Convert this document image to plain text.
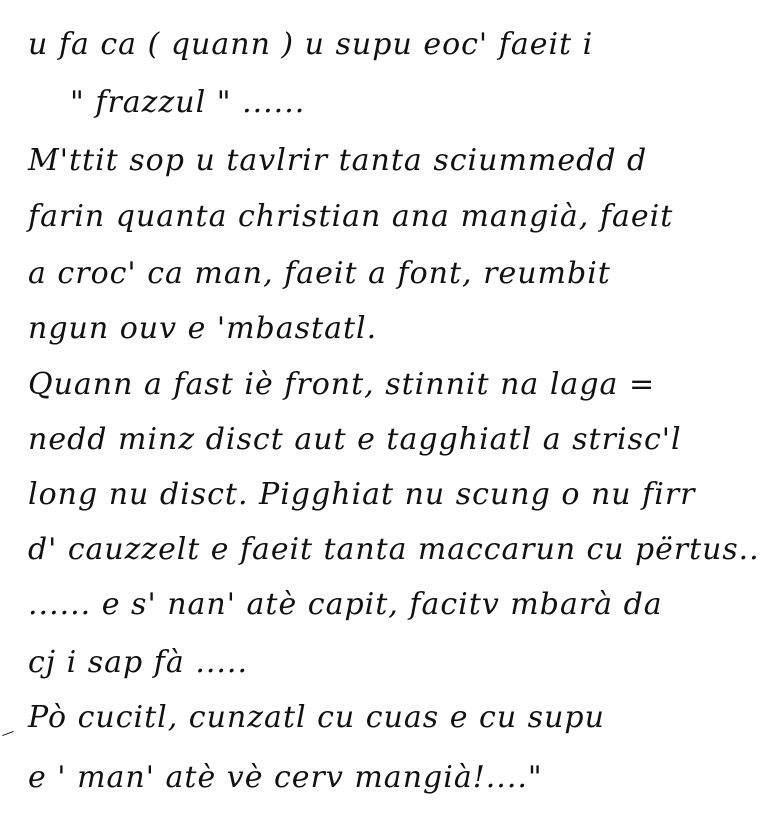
u fa ca ( quann ) u supu eoc' faeit i
" frazzul " ......
M'ttit sop u tavlrir tanta sciummedd d
farin quanta christian ana mangià, faeit
a croc' ca man, faeit a font, reumbit
ngun ouv e 'mbastatl.
Quann a fast iè front, stinnit na laga =
nedd minz disct aut e tagghiatl a strisc'l
long nu disct. Pigghiat nu scung o nu firr
d' cauzzelt e faeit tanta maccarun cu përtus..
...... e s' nan' atè capit, facitv mbarà da
cj i sap fà .....
Pò cucitl, cunzatl cu cuas e cu supu
e ' man' atè vè cerv mangià!...."
